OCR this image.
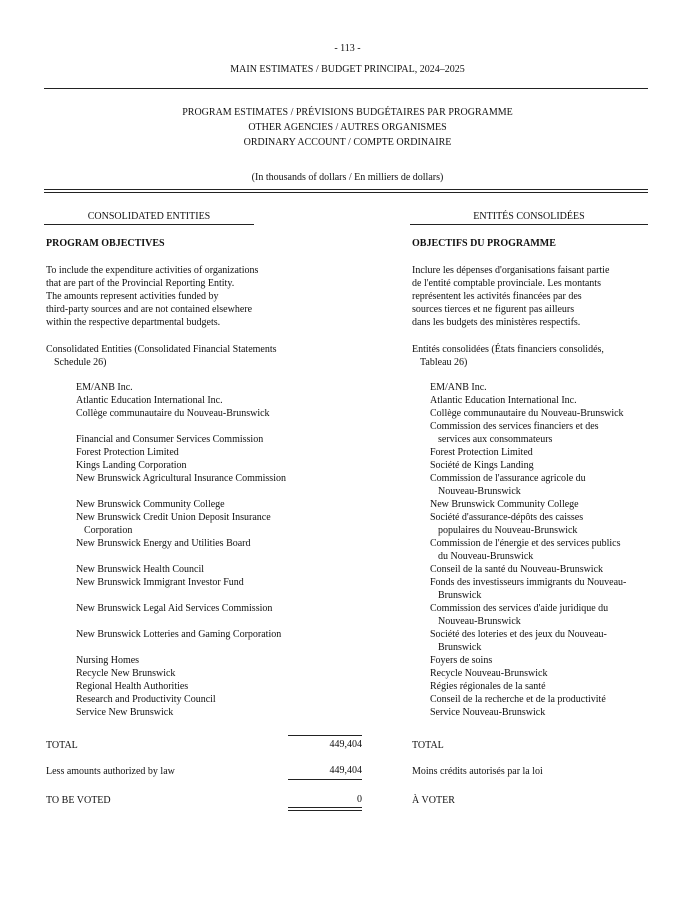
- 113 -
MAIN ESTIMATES / BUDGET PRINCIPAL, 2024–2025
PROGRAM ESTIMATES / PRÉVISIONS BUDGÉTAIRES PAR PROGRAMME
OTHER AGENCIES / AUTRES ORGANISMES
ORDINARY ACCOUNT / COMPTE ORDINAIRE
(In thousands of dollars / En milliers de dollars)
CONSOLIDATED ENTITIES	ENTITÉS CONSOLIDÉES
PROGRAM OBJECTIVES	OBJECTIFS DU PROGRAMME
To include the expenditure activities of organizations
that are part of the Provincial Reporting Entity.
The amounts represent activities funded by
third-party sources and are not contained elsewhere
within the respective departmental budgets.
Inclure les dépenses d'organisations faisant partie
de l'entité comptable provinciale. Les montants
représentent les activités financées par des
sources tierces et ne figurent pas ailleurs
dans les budgets des ministères respectifs.
Consolidated Entities (Consolidated Financial Statements
Schedule 26)
EM/ANB Inc.
Atlantic Education International Inc.
Collège communautaire du Nouveau-Brunswick
Financial and Consumer Services Commission
Forest Protection Limited
Kings Landing Corporation
New Brunswick Agricultural Insurance Commission
New Brunswick Community College
New Brunswick Credit Union Deposit Insurance
Corporation
New Brunswick Energy and Utilities Board
New Brunswick Health Council
New Brunswick Immigrant Investor Fund
New Brunswick Legal Aid Services Commission
New Brunswick Lotteries and Gaming Corporation
Nursing Homes
Recycle New Brunswick
Regional Health Authorities
Research and Productivity Council
Service New Brunswick
Entités consolidées (États financiers consolidés,
Tableau 26)
EM/ANB Inc.
Atlantic Education International Inc.
Collège communautaire du Nouveau-Brunswick
Commission des services financiers et des
services aux consommateurs
Forest Protection Limited
Société de Kings Landing
Commission de l'assurance agricole du
Nouveau-Brunswick
New Brunswick Community College
Société d'assurance-dépôts des caisses
populaires du Nouveau-Brunswick
Commission de l'énergie et des services publics
du Nouveau-Brunswick
Conseil de la santé du Nouveau-Brunswick
Fonds des investisseurs immigrants du Nouveau-
Brunswick
Commission des services d'aide juridique du
Nouveau-Brunswick
Société des loteries et des jeux du Nouveau-
Brunswick
Foyers de soins
Recycle Nouveau-Brunswick
Régies régionales de la santé
Conseil de la recherche et de la productivité
Service Nouveau-Brunswick
TOTAL	449,404	TOTAL
Less amounts authorized by law	449,404	Moins crédits autorisés par la loi
TO BE VOTED	0	À VOTER
